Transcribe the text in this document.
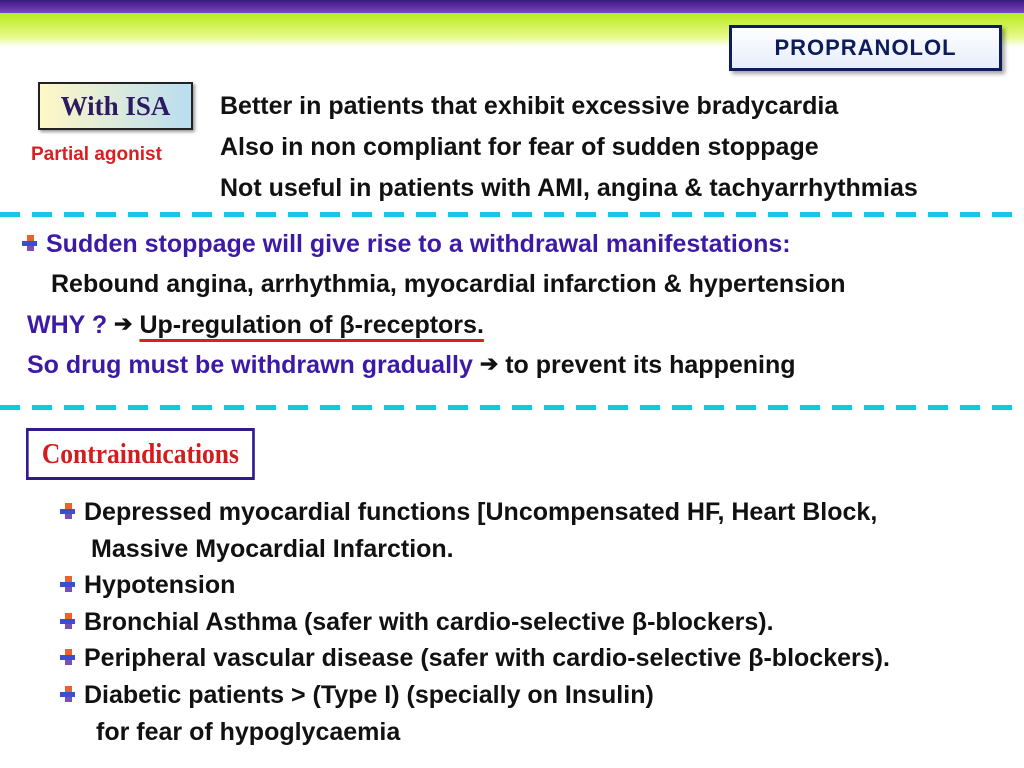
PROPRANOLOL
With ISA
Partial agonist
Better in patients that exhibit excessive bradycardia
Also in non compliant for fear of sudden stoppage
Not useful in patients with AMI, angina & tachyarrhythmias
Sudden stoppage will give rise to a withdrawal manifestations:
Rebound angina, arrhythmia, myocardial infarction & hypertension
WHY ? ➔ Up-regulation of β-receptors.
So drug must be withdrawn gradually ➔ to prevent its happening
Contraindications
Depressed myocardial functions [Uncompensated HF, Heart Block,
Massive Myocardial Infarction.
Hypotension
Bronchial Asthma (safer with cardio-selective β-blockers).
Peripheral vascular disease (safer with cardio-selective β-blockers).
Diabetic patients > (Type I) (specially on Insulin)
for fear of hypoglycaemia
